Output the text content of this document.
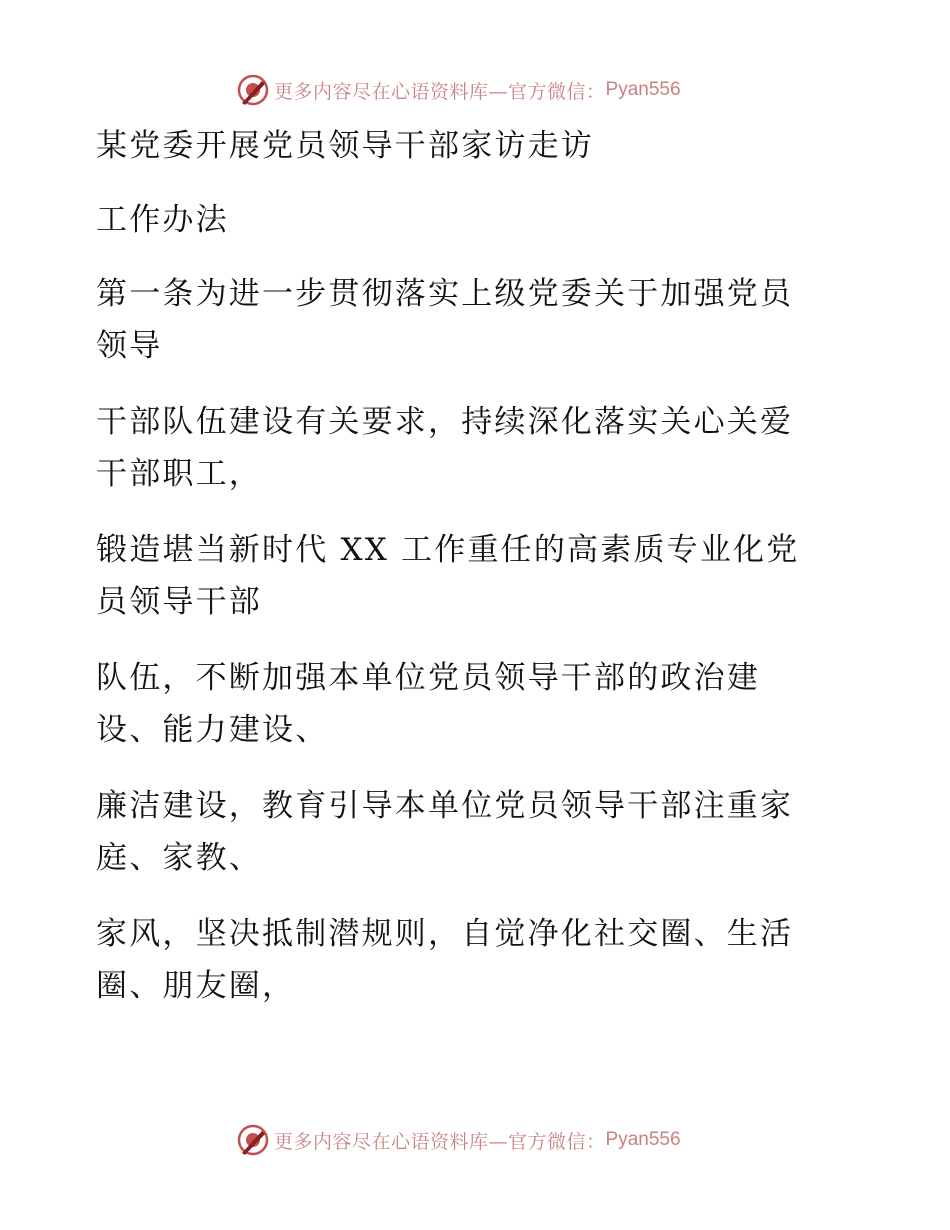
更多内容尽在心语资料库—官方微信： Pyan556
某党委开展党员领导干部家访走访
工作办法
第一条为进一步贯彻落实上级党委关于加强党员
领导
干部队伍建设有关要求，持续深化落实关心关爱
干部职工，
锻造堪当新时代 XX 工作重任的高素质专业化党
员领导干部
队伍，不断加强本单位党员领导干部的政治建
设、能力建设、
廉洁建设，教育引导本单位党员领导干部注重家
庭、家教、
家风，坚决抵制潜规则，自觉净化社交圈、生活
圈、朋友圈，
更多内容尽在心语资料库—官方微信： Pyan556
